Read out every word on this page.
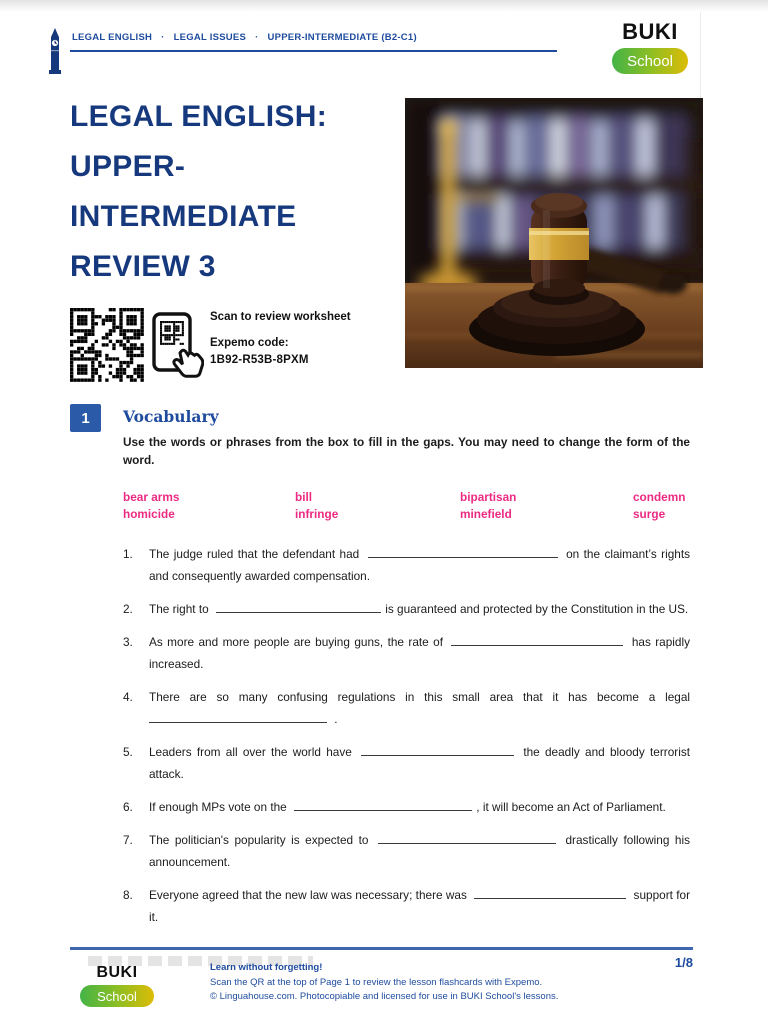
LEGAL ENGLISH · LEGAL ISSUES · UPPER-INTERMEDIATE (B2-C1)	BUKI
School
LEGAL ENGLISH:
UPPER-
INTERMEDIATE
REVIEW 3
Scan to review worksheet
Expemo code:
1B92-R53B-8PXM
1	Vocabulary
Use the words or phrases from the box to fill in the gaps. You may need to change the form of the word.
bear arms	bill	bipartisan	condemn
homicide	infringe	minefield	surge
1.	The judge ruled that the defendant had	on the claimant’s rights and consequently awarded compensation.
2.	The right to	is guaranteed and protected by the Constitution in the US.
3.	As more and more people are buying guns, the rate of	has rapidly increased.
4.	There are so many confusing regulations in this small area that it has become a legal  .
5.	Leaders from all over the world have	the deadly and bloody terrorist attack.
6.	If enough MPs vote on the	, it will become an Act of Parliament.
7.	The politician's popularity is expected to	drastically following his announcement.
8.	Everyone agreed that the new law was necessary; there was	support for it.
BUKI
School
Learn without forgetting!
Scan the QR at the top of Page 1 to review the lesson flashcards with Expemo.
© Linguahouse.com. Photocopiable and licensed for use in BUKI School's lessons.
1/8
